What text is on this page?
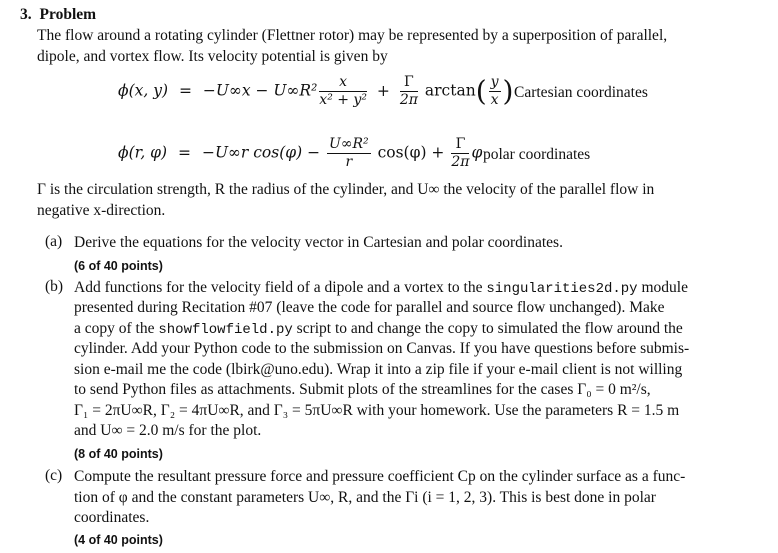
3. Problem
The flow around a rotating cylinder (Flettner rotor) may be represented by a superposition of parallel,
dipole, and vortex flow. Its velocity potential is given by
ϕ(x, $y) = -U\infty x - U\infty R^2 \frac{x}{\text{x² + y²}} + \frac{\Gamma}{2\pi} \arctan( \frac{y}{x}$ ) Cartesian coordinates
ϕ(r, φ) = −U∞r $\cos(\varphi) - \frac{\text{U∞R²}}{r} \cos(\varphi) + \frac{\Gamma}{2\pi}$ φ polar coordinates
Γ is the circulation strength, R the radius of the cylinder, and U∞ the velocity of the parallel flow in
negative x-direction.
(a) Derive the equations for the velocity vector in Cartesian and polar coordinates.
(6 of 40 points)
(b) Add functions for the velocity field of a dipole and a vortex to the singularities2d.py module
presented during Recitation #07 (leave the code for parallel and source flow unchanged). Make
a copy of the showflowfield.py script to and change the copy to simulated the flow around the
cylinder. Add your Python code to the submission on Canvas. If you have questions before submis-
sion e-mail me the code (lbirk@uno.edu). Wrap it into a zip file if your e-mail client is not willing
to send Python files as attachments. Submit plots of the streamlines for the cases Γ₀ = 0 m²/s,
Γ₁ = 2πU∞R, Γ₂ = 4πU∞R, and Γ₃ = 5πU∞R with your homework. Use the parameters R = 1.5 m
and U∞ = 2.0 m/s for the plot.
(8 of 40 points)
(c) Compute the resultant pressure force and pressure coefficient Cp on the cylinder surface as a func-
tion of φ and the constant parameters U∞, R, and the Γi (i = 1, 2, 3). This is best done in polar
coordinates.
(4 of 40 points)
